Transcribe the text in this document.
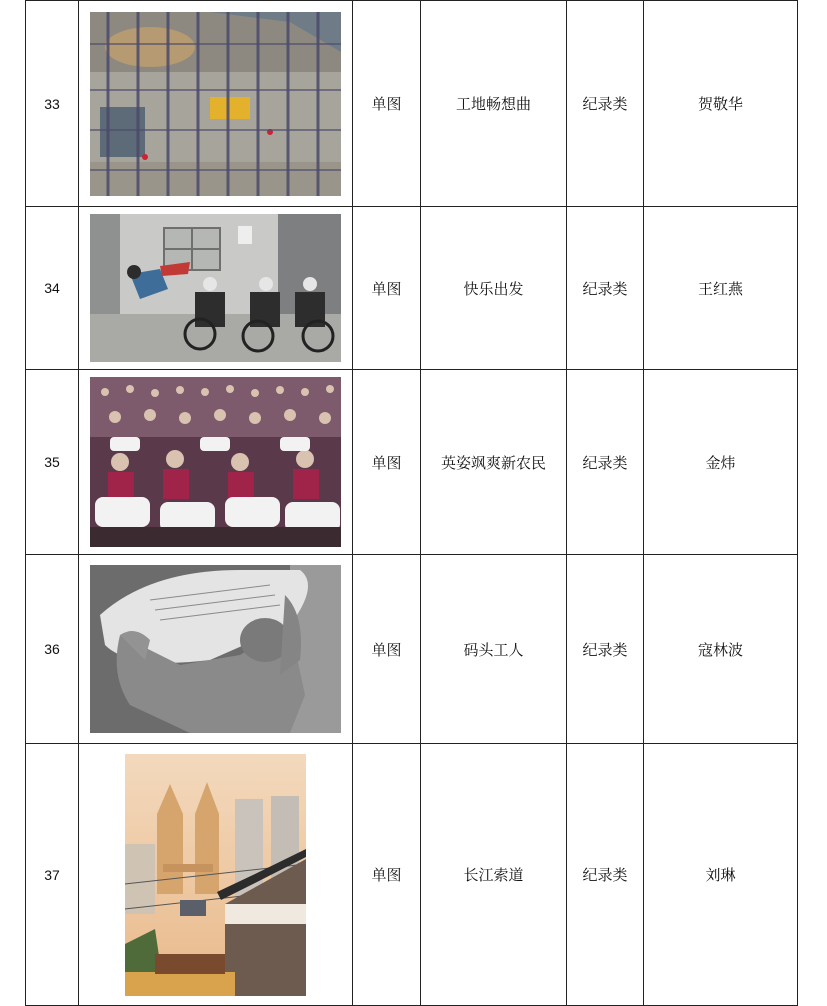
33		单图	工地畅想曲	纪录类	贺敬华
34		单图	快乐出发	纪录类	王红燕
35		单图	英姿飒爽新农民	纪录类	金炜
36		单图	码头工人	纪录类	寇林波
37		单图	长江索道	纪录类	刘琳
